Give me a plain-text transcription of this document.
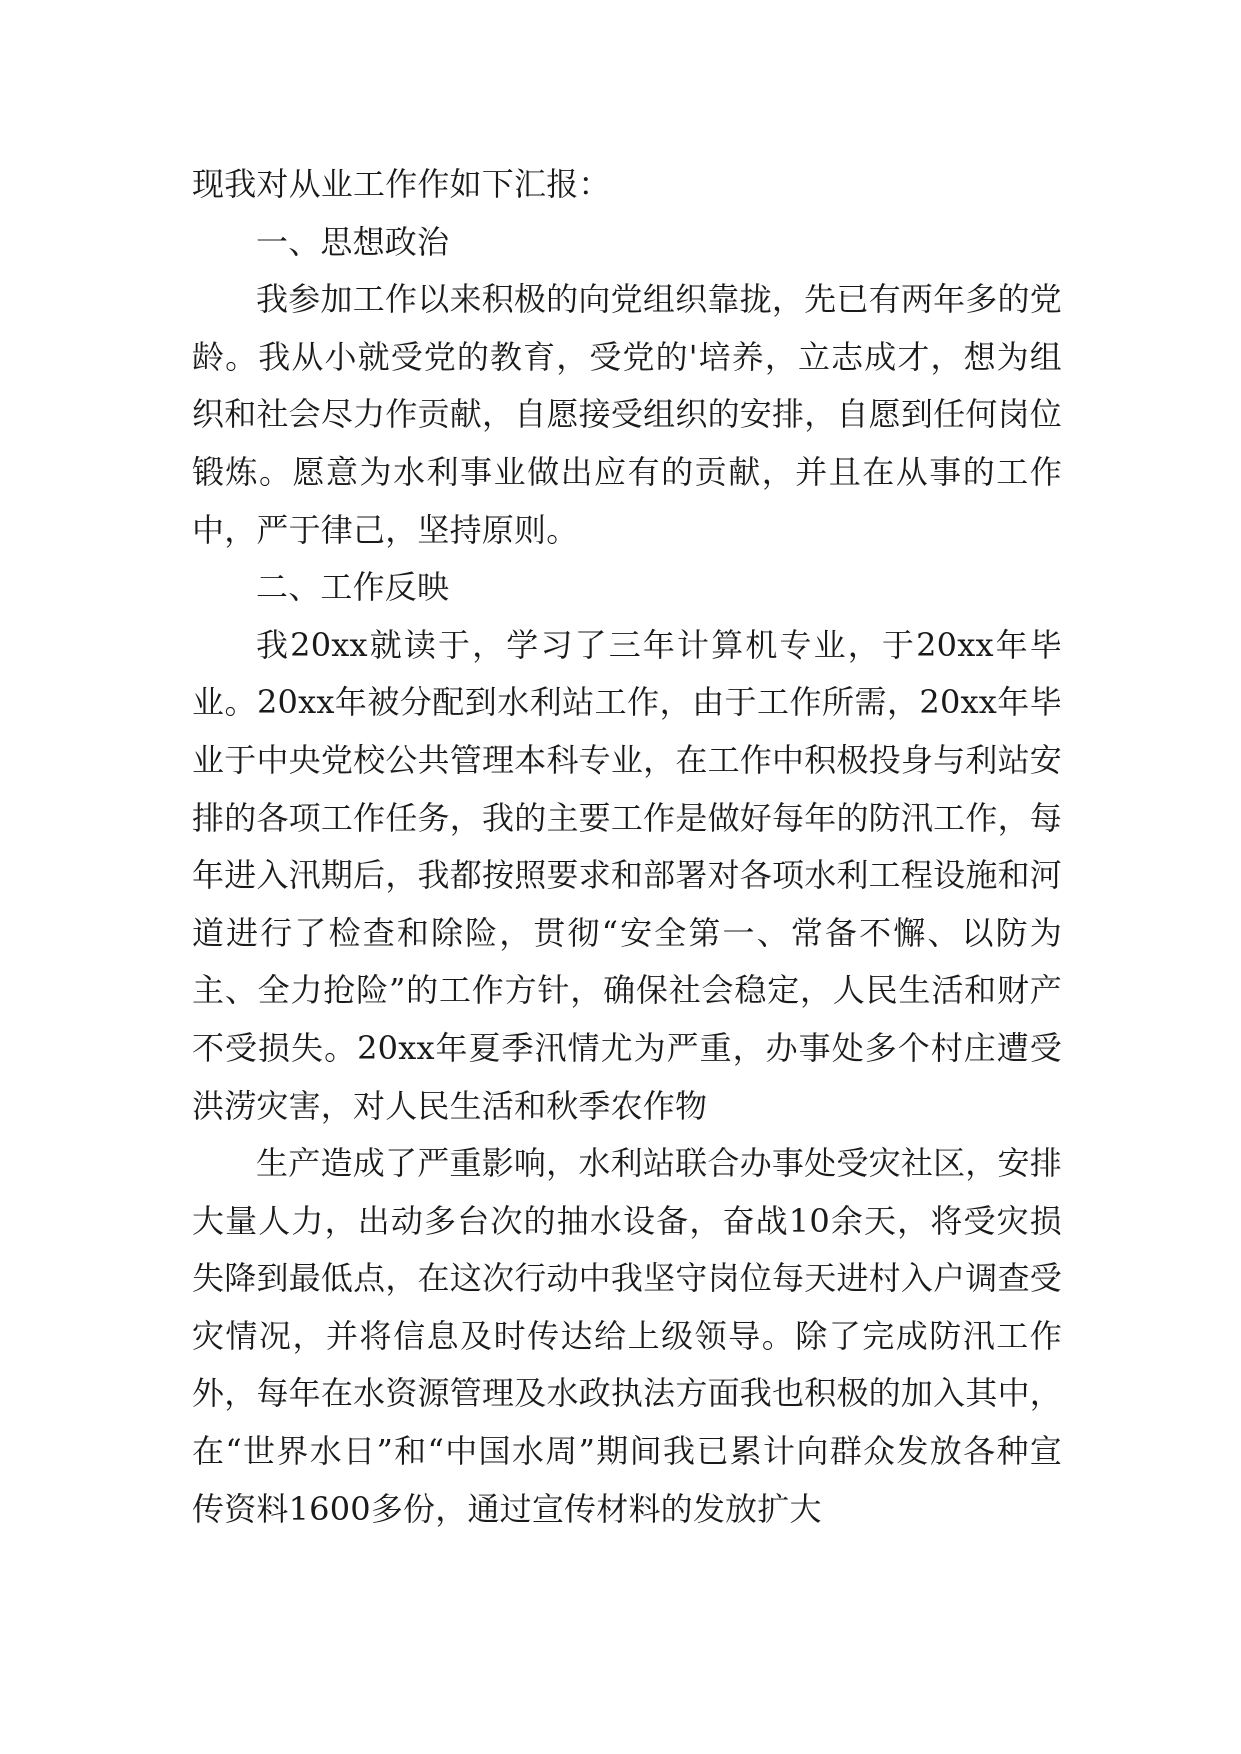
现我对从业工作作如下汇报：

一、思想政治

我参加工作以来积极的向党组织靠拢，先已有两年多的党龄。我从小就受党的教育，受党的'培养，立志成才，想为组织和社会尽力作贡献，自愿接受组织的安排，自愿到任何岗位锻炼。愿意为水利事业做出应有的贡献，并且在从事的工作中，严于律己，坚持原则。

二、工作反映

我20xx就读于，学习了三年计算机专业，于20xx年毕业。20xx年被分配到水利站工作，由于工作所需，20xx年毕业于中央党校公共管理本科专业，在工作中积极投身与利站安排的各项工作任务，我的主要工作是做好每年的防汛工作，每年进入汛期后，我都按照要求和部署对各项水利工程设施和河道进行了检查和除险，贯彻“安全第一、常备不懈、以防为主、全力抢险”的工作方针，确保社会稳定，人民生活和财产不受损失。20xx年夏季汛情尤为严重，办事处多个村庄遭受洪涝灾害，对人民生活和秋季农作物

生产造成了严重影响，水利站联合办事处受灾社区，安排大量人力，出动多台次的抽水设备，奋战10余天，将受灾损失降到最低点，在这次行动中我坚守岗位每天进村入户调查受灾情况，并将信息及时传达给上级领导。除了完成防汛工作外，每年在水资源管理及水政执法方面我也积极的加入其中，在“世界水日”和“中国水周”期间我已累计向群众发放各种宣传资料1600多份，通过宣传材料的发放扩大
